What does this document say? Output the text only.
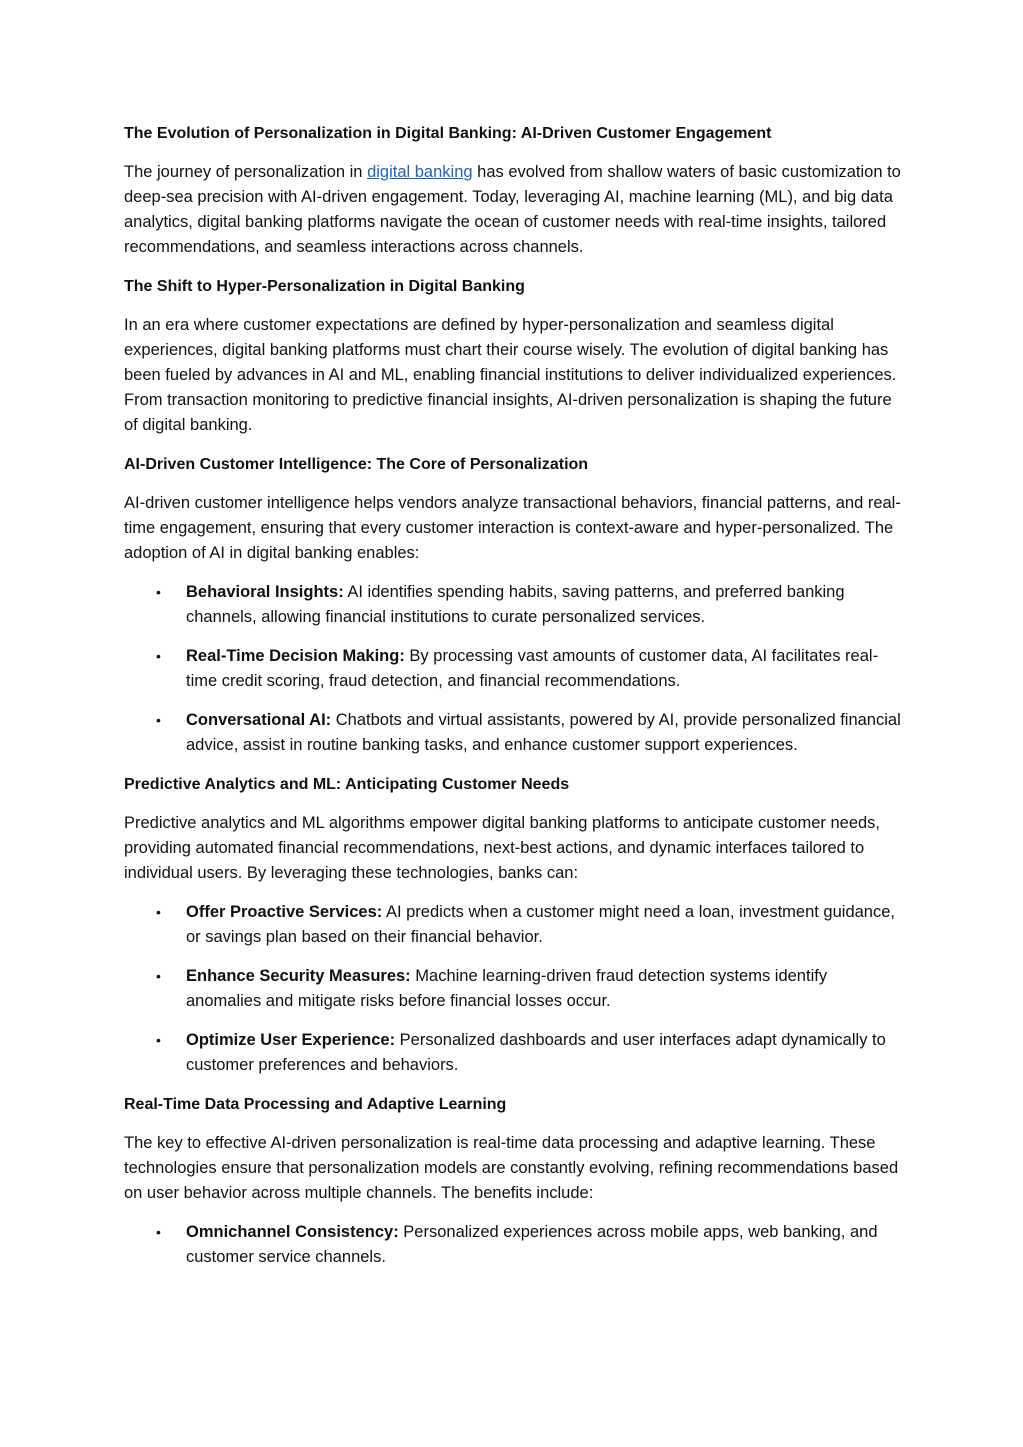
The Evolution of Personalization in Digital Banking: AI-Driven Customer Engagement

The journey of personalization in digital banking has evolved from shallow waters of basic customization to deep-sea precision with AI-driven engagement. Today, leveraging AI, machine learning (ML), and big data analytics, digital banking platforms navigate the ocean of customer needs with real-time insights, tailored recommendations, and seamless interactions across channels.

The Shift to Hyper-Personalization in Digital Banking

In an era where customer expectations are defined by hyper-personalization and seamless digital experiences, digital banking platforms must chart their course wisely. The evolution of digital banking has been fueled by advances in AI and ML, enabling financial institutions to deliver individualized experiences. From transaction monitoring to predictive financial insights, AI-driven personalization is shaping the future of digital banking.

AI-Driven Customer Intelligence: The Core of Personalization

AI-driven customer intelligence helps vendors analyze transactional behaviors, financial patterns, and real-time engagement, ensuring that every customer interaction is context-aware and hyper-personalized. The adoption of AI in digital banking enables:

• Behavioral Insights: AI identifies spending habits, saving patterns, and preferred banking channels, allowing financial institutions to curate personalized services.
• Real-Time Decision Making: By processing vast amounts of customer data, AI facilitates real-time credit scoring, fraud detection, and financial recommendations.
• Conversational AI: Chatbots and virtual assistants, powered by AI, provide personalized financial advice, assist in routine banking tasks, and enhance customer support experiences.
Predictive Analytics and ML: Anticipating Customer Needs

Predictive analytics and ML algorithms empower digital banking platforms to anticipate customer needs, providing automated financial recommendations, next-best actions, and dynamic interfaces tailored to individual users. By leveraging these technologies, banks can:

• Offer Proactive Services: AI predicts when a customer might need a loan, investment guidance, or savings plan based on their financial behavior.
• Enhance Security Measures: Machine learning-driven fraud detection systems identify anomalies and mitigate risks before financial losses occur.
• Optimize User Experience: Personalized dashboards and user interfaces adapt dynamically to customer preferences and behaviors.
Real-Time Data Processing and Adaptive Learning

The key to effective AI-driven personalization is real-time data processing and adaptive learning. These technologies ensure that personalization models are constantly evolving, refining recommendations based on user behavior across multiple channels. The benefits include:

• Omnichannel Consistency: Personalized experiences across mobile apps, web banking, and customer service channels.
